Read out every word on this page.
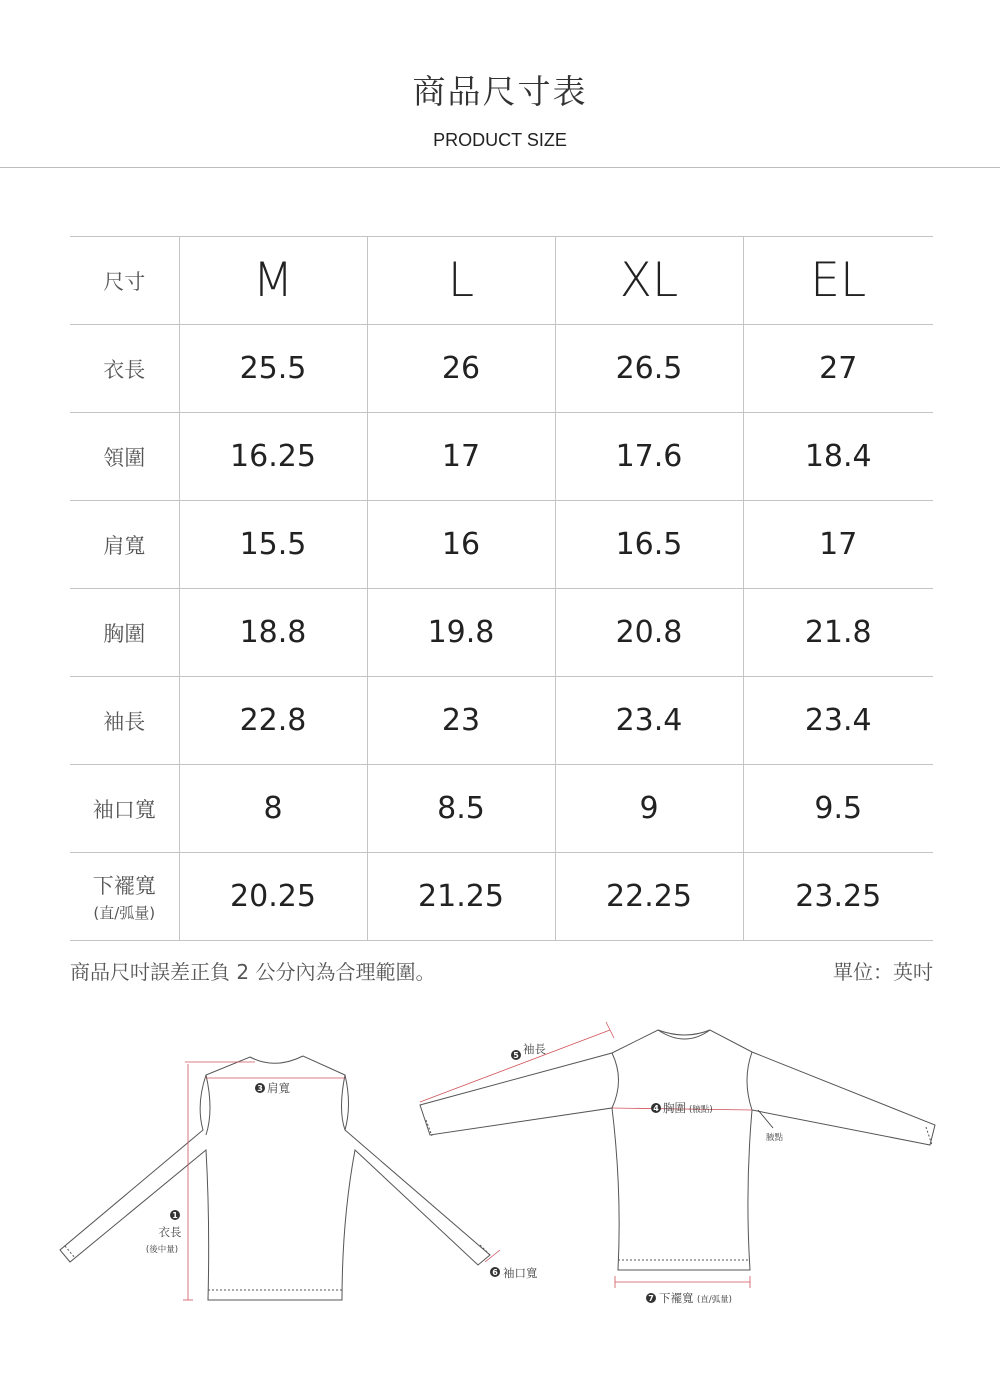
商品尺寸表
PRODUCT SIZE
尺寸	M	L	XL	EL
衣長	25.5	26	26.5	27
領圍	16.25	17	17.6	18.4
肩寬	15.5	16	16.5	17
胸圍	18.8	19.8	20.8	21.8
袖長	22.8	23	23.4	23.4
袖口寬	8	8.5	9	9.5
下襬寬
(直/弧量)	20.25	21.25	22.25	23.25
商品尺吋誤差正負 2 公分內為合理範圍。	單位：英吋
1
衣長
(後中量)
3 肩寬
6 袖口寬
5 袖長
4 胸圍 (腋點)
腋點
7 下襬寬 (直/弧量)
